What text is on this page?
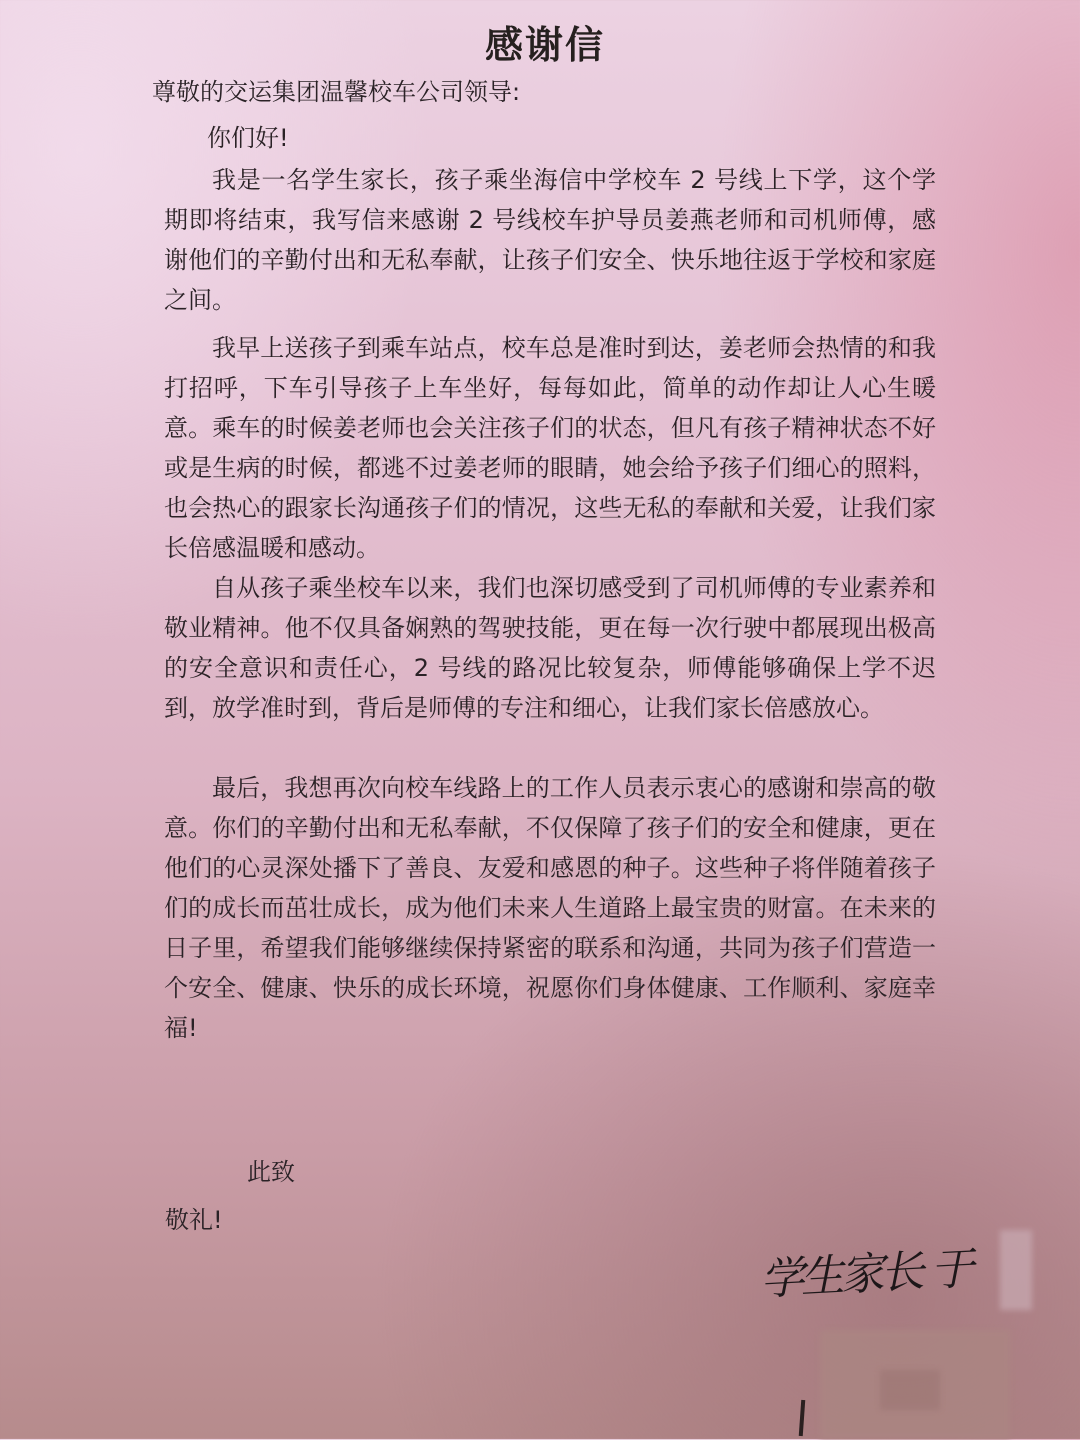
感谢信
尊敬的交运集团温馨校车公司领导:
你们好!
我是一名学生家长，孩子乘坐海信中学校车 2 号线上下学，这个学期即将结束，我写信来感谢 2 号线校车护导员姜燕老师和司机师傅，感谢他们的辛勤付出和无私奉献，让孩子们安全、快乐地往返于学校和家庭之间。
我早上送孩子到乘车站点，校车总是准时到达，姜老师会热情的和我打招呼，下车引导孩子上车坐好，每每如此，简单的动作却让人心生暖意。乘车的时候姜老师也会关注孩子们的状态，但凡有孩子精神状态不好或是生病的时候，都逃不过姜老师的眼睛，她会给予孩子们细心的照料，也会热心的跟家长沟通孩子们的情况，这些无私的奉献和关爱，让我们家长倍感温暖和感动。
自从孩子乘坐校车以来，我们也深切感受到了司机师傅的专业素养和敬业精神。他不仅具备娴熟的驾驶技能，更在每一次行驶中都展现出极高的安全意识和责任心，2 号线的路况比较复杂，师傅能够确保上学不迟到，放学准时到，背后是师傅的专注和细心，让我们家长倍感放心。
最后，我想再次向校车线路上的工作人员表示衷心的感谢和崇高的敬意。你们的辛勤付出和无私奉献，不仅保障了孩子们的安全和健康，更在他们的心灵深处播下了善良、友爱和感恩的种子。这些种子将伴随着孩子们的成长而茁壮成长，成为他们未来人生道路上最宝贵的财富。在未来的日子里，希望我们能够继续保持紧密的联系和沟通，共同为孩子们营造一个安全、健康、快乐的成长环境，祝愿你们身体健康、工作顺利、家庭幸福!
此致
敬礼!
学生家长 于
